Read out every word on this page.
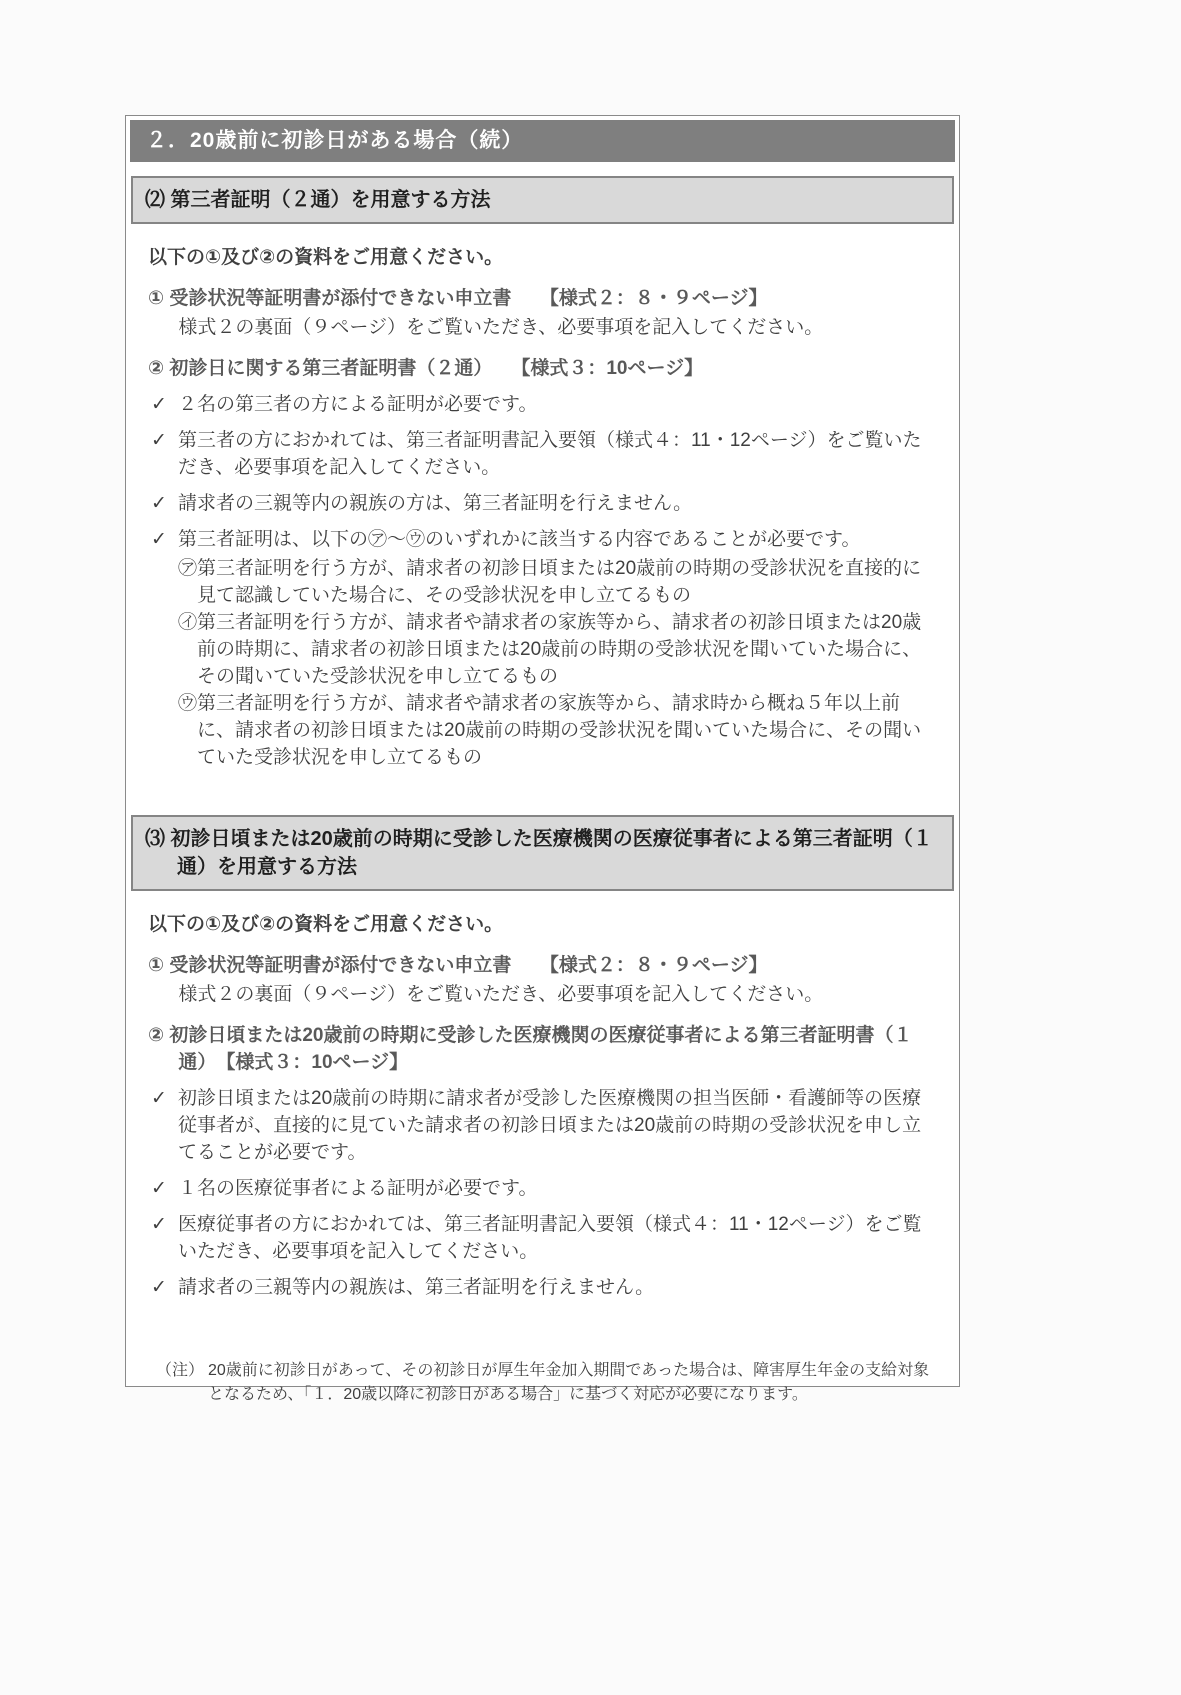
２．20歳前に初診日がある場合（続）
⑵ 第三者証明（２通）を用意する方法
以下の①及び②の資料をご用意ください。
① 受診状況等証明書が添付できない申立書　　【様式２：８・９ページ】
様式２の裏面（９ページ）をご覧いただき、必要事項を記入してください。
② 初診日に関する第三者証明書（２通）　　【様式３：10ページ】
✓ ２名の第三者の方による証明が必要です。
✓ 第三者の方におかれては、第三者証明書記入要領（様式４：11・12ページ）をご覧いただき、必要事項を記入してください。
✓ 請求者の三親等内の親族の方は、第三者証明を行えません。
✓ 第三者証明は、以下の㋐～㋒のいずれかに該当する内容であることが必要です。
㋐第三者証明を行う方が、請求者の初診日頃または20歳前の時期の受診状況を直接的に見て認識していた場合に、その受診状況を申し立てるもの
㋑第三者証明を行う方が、請求者や請求者の家族等から、請求者の初診日頃または20歳前の時期に、請求者の初診日頃または20歳前の時期の受診状況を聞いていた場合に、その聞いていた受診状況を申し立てるもの
㋒第三者証明を行う方が、請求者や請求者の家族等から、請求時から概ね５年以上前に、請求者の初診日頃または20歳前の時期の受診状況を聞いていた場合に、その聞いていた受診状況を申し立てるもの
⑶ 初診日頃または20歳前の時期に受診した医療機関の医療従事者による第三者証明（１通）を用意する方法
以下の①及び②の資料をご用意ください。
① 受診状況等証明書が添付できない申立書　　【様式２：８・９ページ】
様式２の裏面（９ページ）をご覧いただき、必要事項を記入してください。
② 初診日頃または20歳前の時期に受診した医療機関の医療従事者による第三者証明書（１通）　【様式３：10ページ】
✓ 初診日頃または20歳前の時期に請求者が受診した医療機関の担当医師・看護師等の医療従事者が、直接的に見ていた請求者の初診日頃または20歳前の時期の受診状況を申し立てることが必要です。
✓ １名の医療従事者による証明が必要です。
✓ 医療従事者の方におかれては、第三者証明書記入要領（様式４：11・12ページ）をご覧いただき、必要事項を記入してください。
✓ 請求者の三親等内の親族は、第三者証明を行えません。
（注） 20歳前に初診日があって、その初診日が厚生年金加入期間であった場合は、障害厚生年金の支給対象となるため、「１．20歳以降に初診日がある場合」に基づく対応が必要になります。
